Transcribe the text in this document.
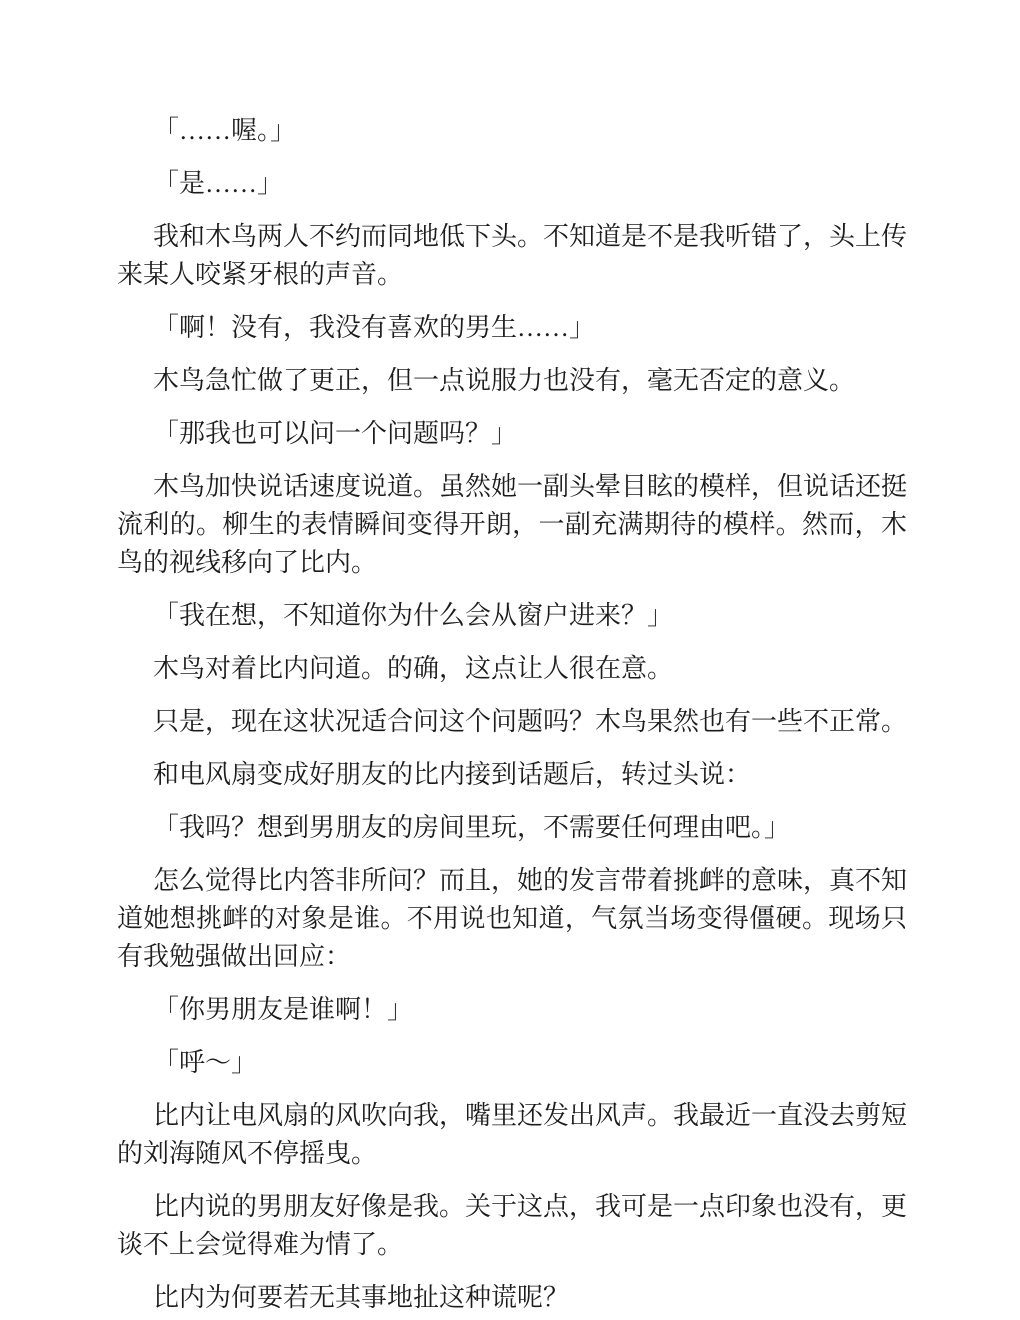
「……喔。」

「是……」

我和木鸟两人不约而同地低下头。不知道是不是我听错了，头上传来某人咬紧牙根的声音。

「啊！没有，我没有喜欢的男生……」

木鸟急忙做了更正，但一点说服力也没有，毫无否定的意义。

「那我也可以问一个问题吗？」

木鸟加快说话速度说道。虽然她一副头晕目眩的模样，但说话还挺流利的。柳生的表情瞬间变得开朗，一副充满期待的模样。然而，木鸟的视线移向了比内。

「我在想，不知道你为什么会从窗户进来？」

木鸟对着比内问道。的确，这点让人很在意。

只是，现在这状况适合问这个问题吗？木鸟果然也有一些不正常。

和电风扇变成好朋友的比内接到话题后，转过头说：

「我吗？想到男朋友的房间里玩，不需要任何理由吧。」

怎么觉得比内答非所问？而且，她的发言带着挑衅的意味，真不知道她想挑衅的对象是谁。不用说也知道，气氛当场变得僵硬。现场只有我勉强做出回应：

「你男朋友是谁啊！」

「呼～」

比内让电风扇的风吹向我，嘴里还发出风声。我最近一直没去剪短的刘海随风不停摇曳。

比内说的男朋友好像是我。关于这点，我可是一点印象也没有，更谈不上会觉得难为情了。

比内为何要若无其事地扯这种谎呢？
